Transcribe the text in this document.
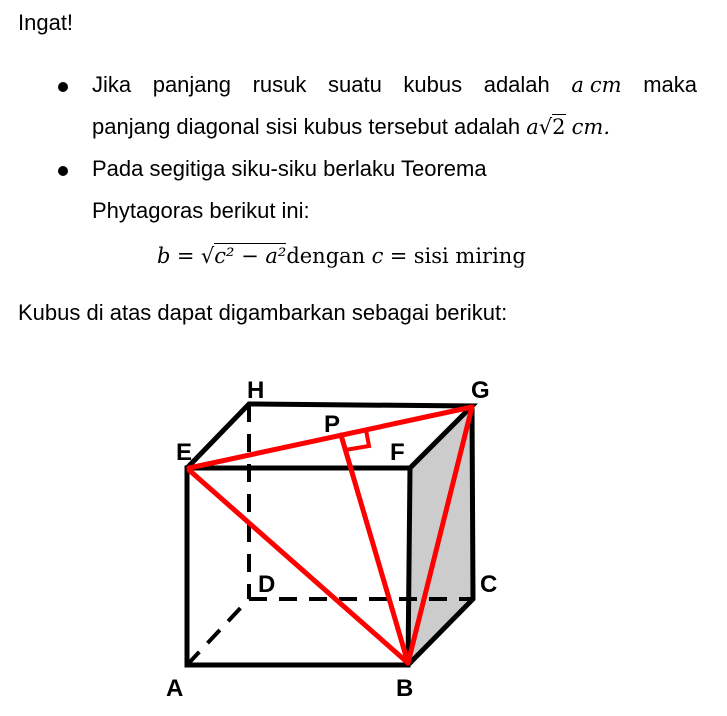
Ingat!
Jika panjang rusuk suatu kubus adalah a cm maka
panjang diagonal sisi kubus tersebut adalah a√2 cm.
Pada segitiga siku-siku berlaku Teorema
Phytagoras berikut ini:
b = √c² − a²dengan c = sisi miring
Kubus di atas dapat digambarkan sebagai berikut:
H	G
P
E	F
D	C
A	B
